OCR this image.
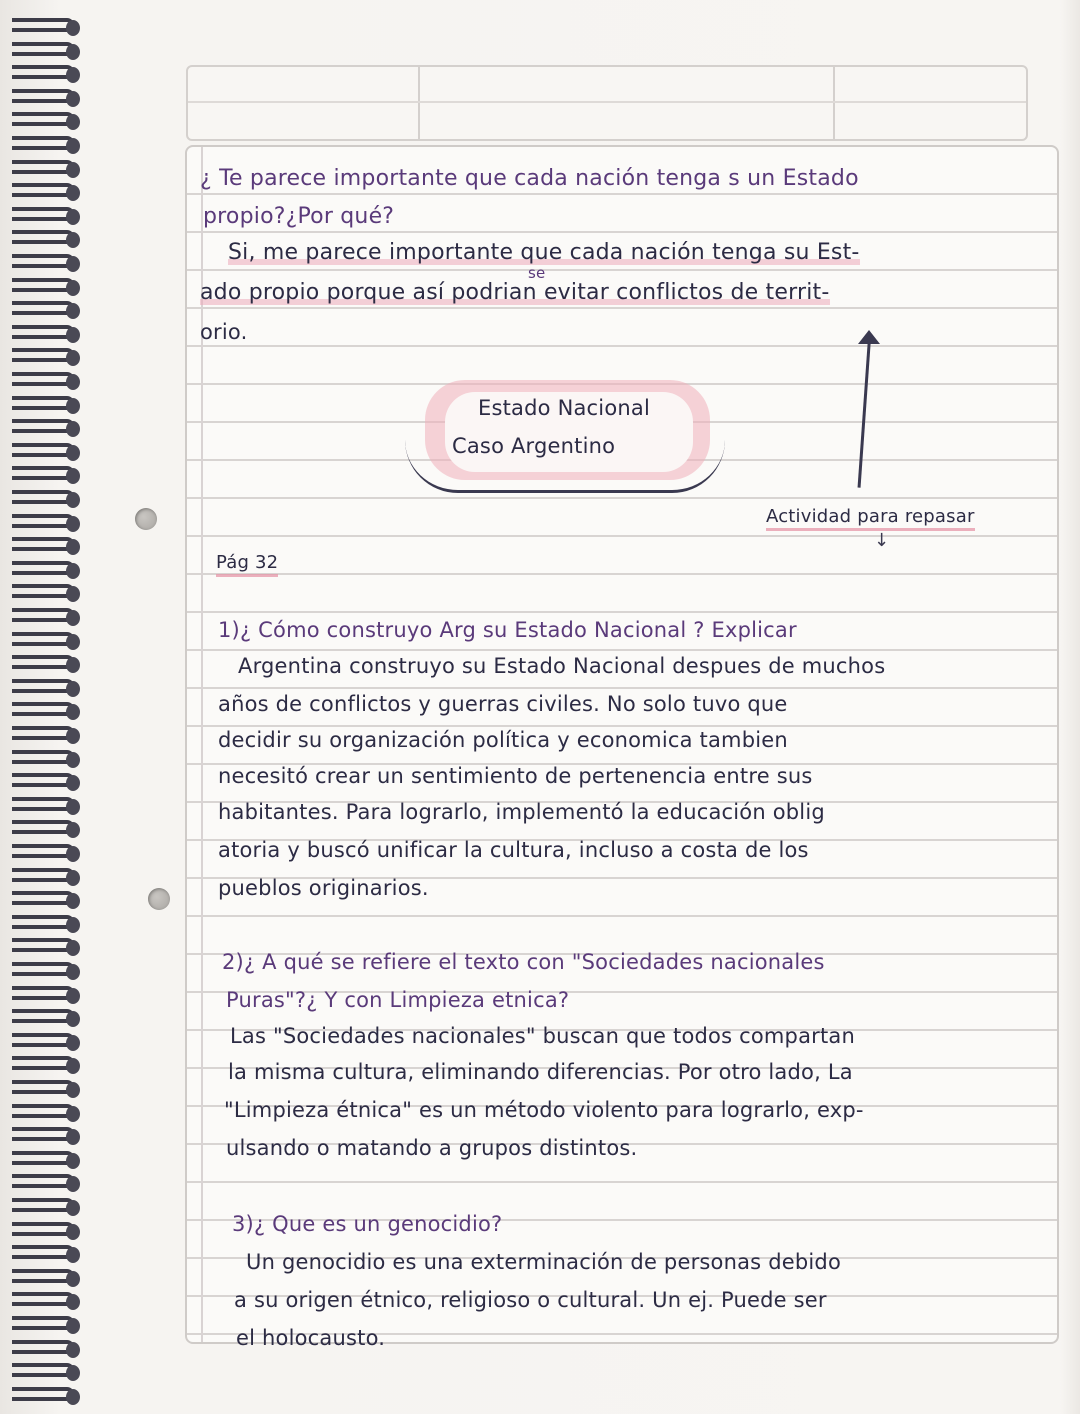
¿ Te parece importante que cada nación tenga s un Estado
propio?¿Por qué?
se
Si, me parece importante que cada nación tenga su Est-
ado propio porque así podrian evitar conflictos de territ-
orio.
Estado Nacional
Caso Argentino
Actividad para repasar
↓
Pág 32
1)¿ Cómo construyo Arg su Estado Nacional ? Explicar
Argentina construyo su Estado Nacional despues de muchos
años de conflictos y guerras civiles. No solo tuvo que
decidir su organización política y economica tambien
necesitó crear un sentimiento de pertenencia entre sus
habitantes. Para lograrlo, implementó la educación oblig
atoria y buscó unificar la cultura, incluso a costa de los
pueblos originarios.
2)¿ A qué se refiere el texto con "Sociedades nacionales
Puras"?¿ Y con Limpieza etnica?
Las "Sociedades nacionales" buscan que todos compartan
la misma cultura, eliminando diferencias. Por otro lado, La
"Limpieza étnica" es un método violento para lograrlo, exp-
ulsando o matando a grupos distintos.
3)¿ Que es un genocidio?
Un genocidio es una exterminación de personas debido
a su origen étnico, religioso o cultural. Un ej. Puede ser
el holocausto.
